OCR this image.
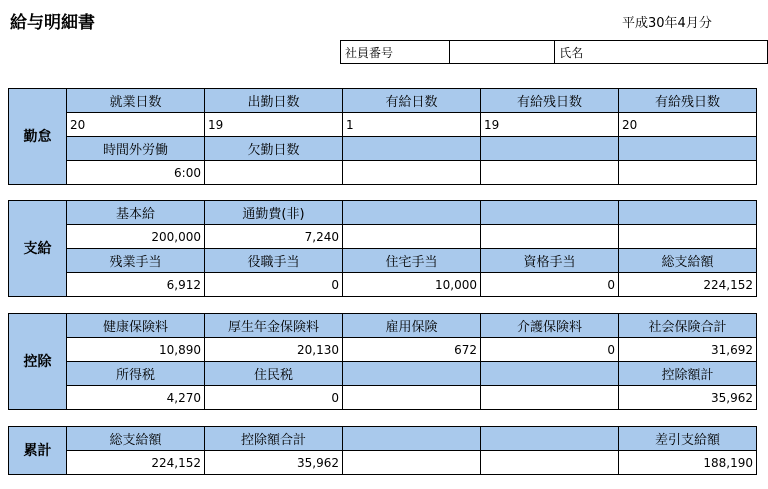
給与明細書	平成30年4月分
社員番号		氏名
勤怠	就業日数	出勤日数	有給日数	有給残日数	有給残日数
	20	19	1	19	20
	時間外労働	欠勤日数			
	6:00				
支給	基本給	通勤費(非)			
	200,000	7,240			
	残業手当	役職手当	住宅手当	資格手当	総支給額
	6,912	0	10,000	0	224,152
控除	健康保険料	厚生年金保険料	雇用保険	介護保険料	社会保険合計
	10,890	20,130	672	0	31,692
	所得税	住民税			控除額計
	4,270	0			35,962
累計	総支給額	控除額合計			差引支給額
	224,152	35,962			188,190
